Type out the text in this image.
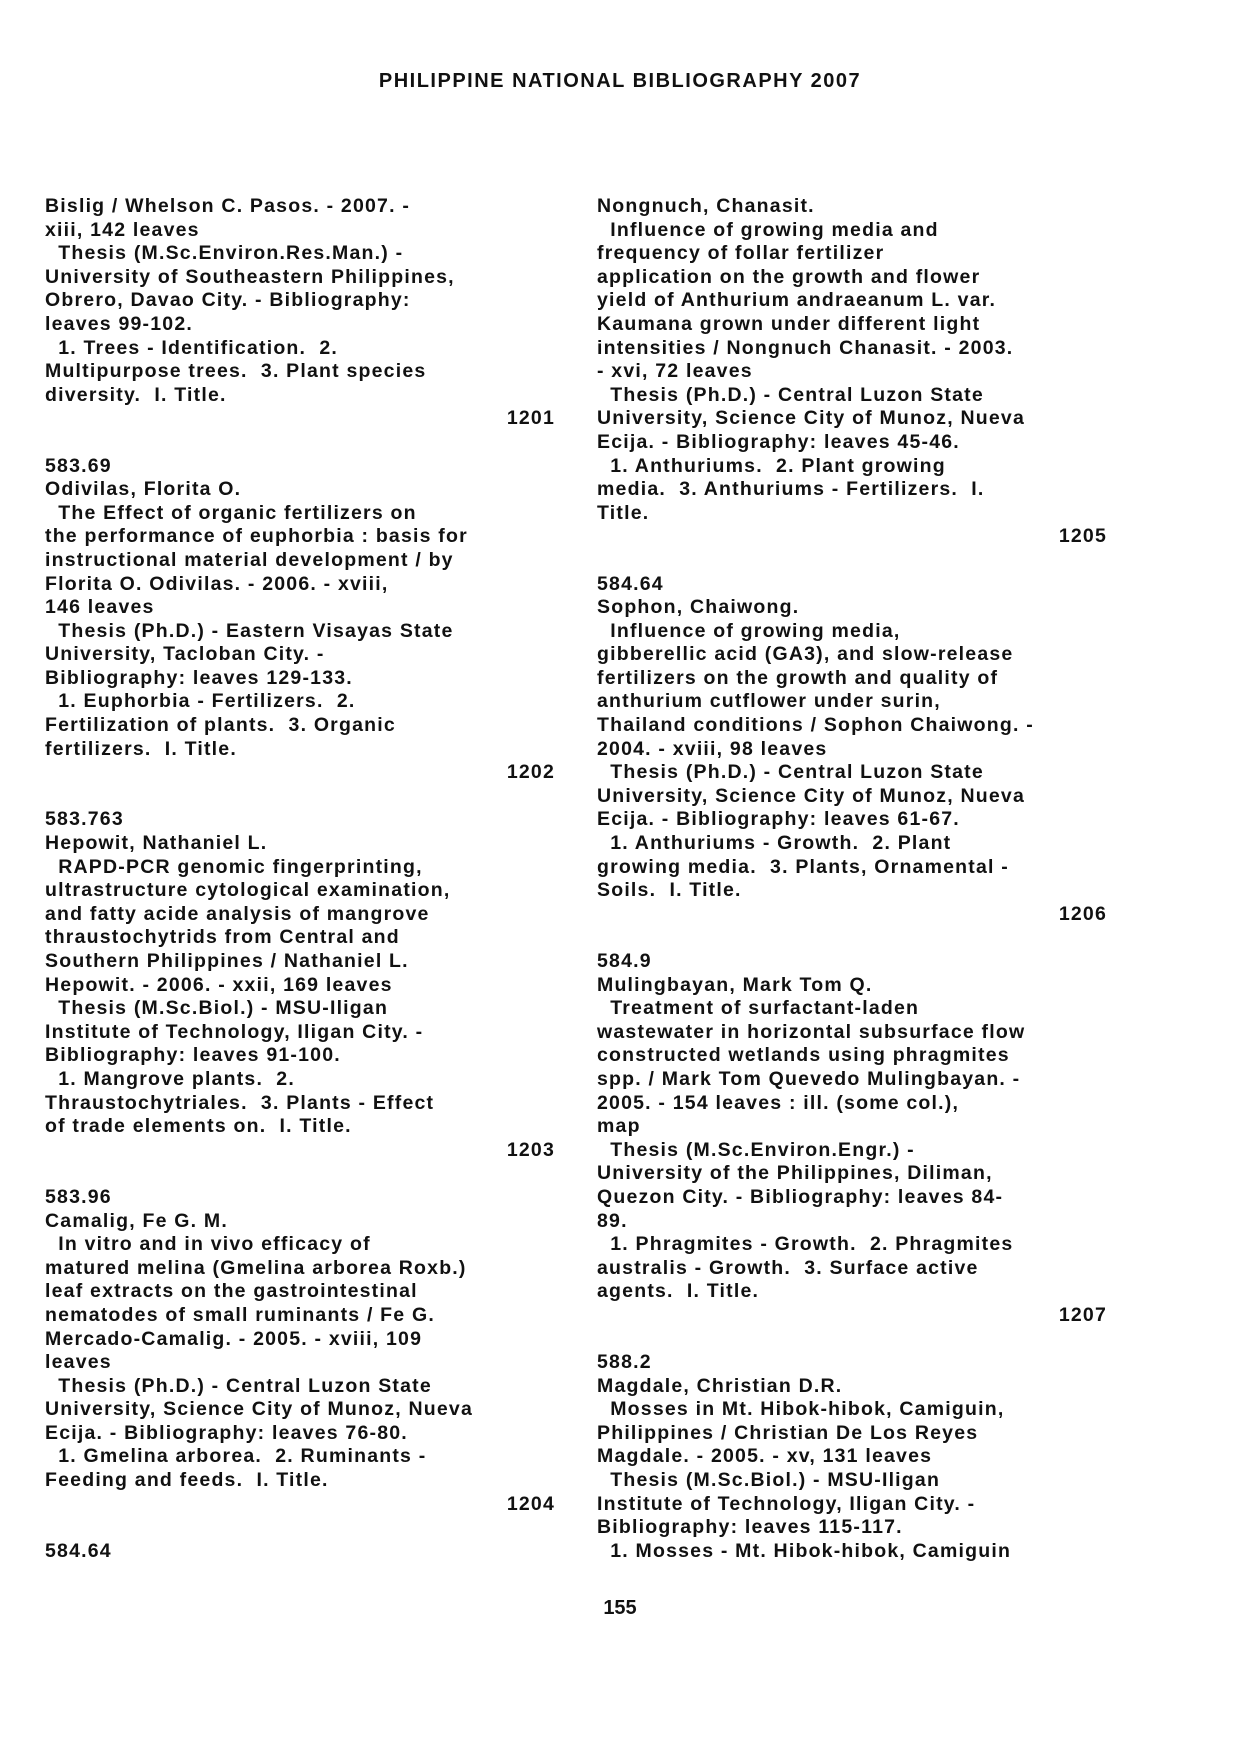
PHILIPPINE NATIONAL BIBLIOGRAPHY 2007
Bislig / Whelson C. Pasos. - 2007. -
xiii, 142 leaves
Thesis (M.Sc.Environ.Res.Man.) -
University of Southeastern Philippines,
Obrero, Davao City. - Bibliography:
leaves 99-102.
1. Trees - Identification.  2.
Multipurpose trees.  3. Plant species
diversity.  I. Title.
1201
583.69
Odivilas, Florita O.
The Effect of organic fertilizers on
the performance of euphorbia : basis for
instructional material development / by
Florita O. Odivilas. - 2006. - xviii,
146 leaves
Thesis (Ph.D.) - Eastern Visayas State
University, Tacloban City. -
Bibliography: leaves 129-133.
1. Euphorbia - Fertilizers.  2.
Fertilization of plants.  3. Organic
fertilizers.  I. Title.
1202
583.763
Hepowit, Nathaniel L.
RAPD-PCR genomic fingerprinting,
ultrastructure cytological examination,
and fatty acide analysis of mangrove
thraustochytrids from Central and
Southern Philippines / Nathaniel L.
Hepowit. - 2006. - xxii, 169 leaves
Thesis (M.Sc.Biol.) - MSU-Iligan
Institute of Technology, Iligan City. -
Bibliography: leaves 91-100.
1. Mangrove plants.  2.
Thraustochytriales.  3. Plants - Effect
of trade elements on.  I. Title.
1203
583.96
Camalig, Fe G. M.
In vitro and in vivo efficacy of
matured melina (Gmelina arborea Roxb.)
leaf extracts on the gastrointestinal
nematodes of small ruminants / Fe G.
Mercado-Camalig. - 2005. - xviii, 109
leaves
Thesis (Ph.D.) - Central Luzon State
University, Science City of Munoz, Nueva
Ecija. - Bibliography: leaves 76-80.
1. Gmelina arborea.  2. Ruminants -
Feeding and feeds.  I. Title.
1204
584.64
Nongnuch, Chanasit.
Influence of growing media and
frequency of follar fertilizer
application on the growth and flower
yield of Anthurium andraeanum L. var.
Kaumana grown under different light
intensities / Nongnuch Chanasit. - 2003.
- xvi, 72 leaves
Thesis (Ph.D.) - Central Luzon State
University, Science City of Munoz, Nueva
Ecija. - Bibliography: leaves 45-46.
1. Anthuriums.  2. Plant growing
media.  3. Anthuriums - Fertilizers.  I.
Title.
1205
584.64
Sophon, Chaiwong.
Influence of growing media,
gibberellic acid (GA3), and slow-release
fertilizers on the growth and quality of
anthurium cutflower under surin,
Thailand conditions / Sophon Chaiwong. -
2004. - xviii, 98 leaves
Thesis (Ph.D.) - Central Luzon State
University, Science City of Munoz, Nueva
Ecija. - Bibliography: leaves 61-67.
1. Anthuriums - Growth.  2. Plant
growing media.  3. Plants, Ornamental -
Soils.  I. Title.
1206
584.9
Mulingbayan, Mark Tom Q.
Treatment of surfactant-laden
wastewater in horizontal subsurface flow
constructed wetlands using phragmites
spp. / Mark Tom Quevedo Mulingbayan. -
2005. - 154 leaves : ill. (some col.),
map
Thesis (M.Sc.Environ.Engr.) -
University of the Philippines, Diliman,
Quezon City. - Bibliography: leaves 84-
89.
1. Phragmites - Growth.  2. Phragmites
australis - Growth.  3. Surface active
agents.  I. Title.
1207
588.2
Magdale, Christian D.R.
Mosses in Mt. Hibok-hibok, Camiguin,
Philippines / Christian De Los Reyes
Magdale. - 2005. - xv, 131 leaves
Thesis (M.Sc.Biol.) - MSU-Iligan
Institute of Technology, Iligan City. -
Bibliography: leaves 115-117.
1. Mosses - Mt. Hibok-hibok, Camiguin
155
